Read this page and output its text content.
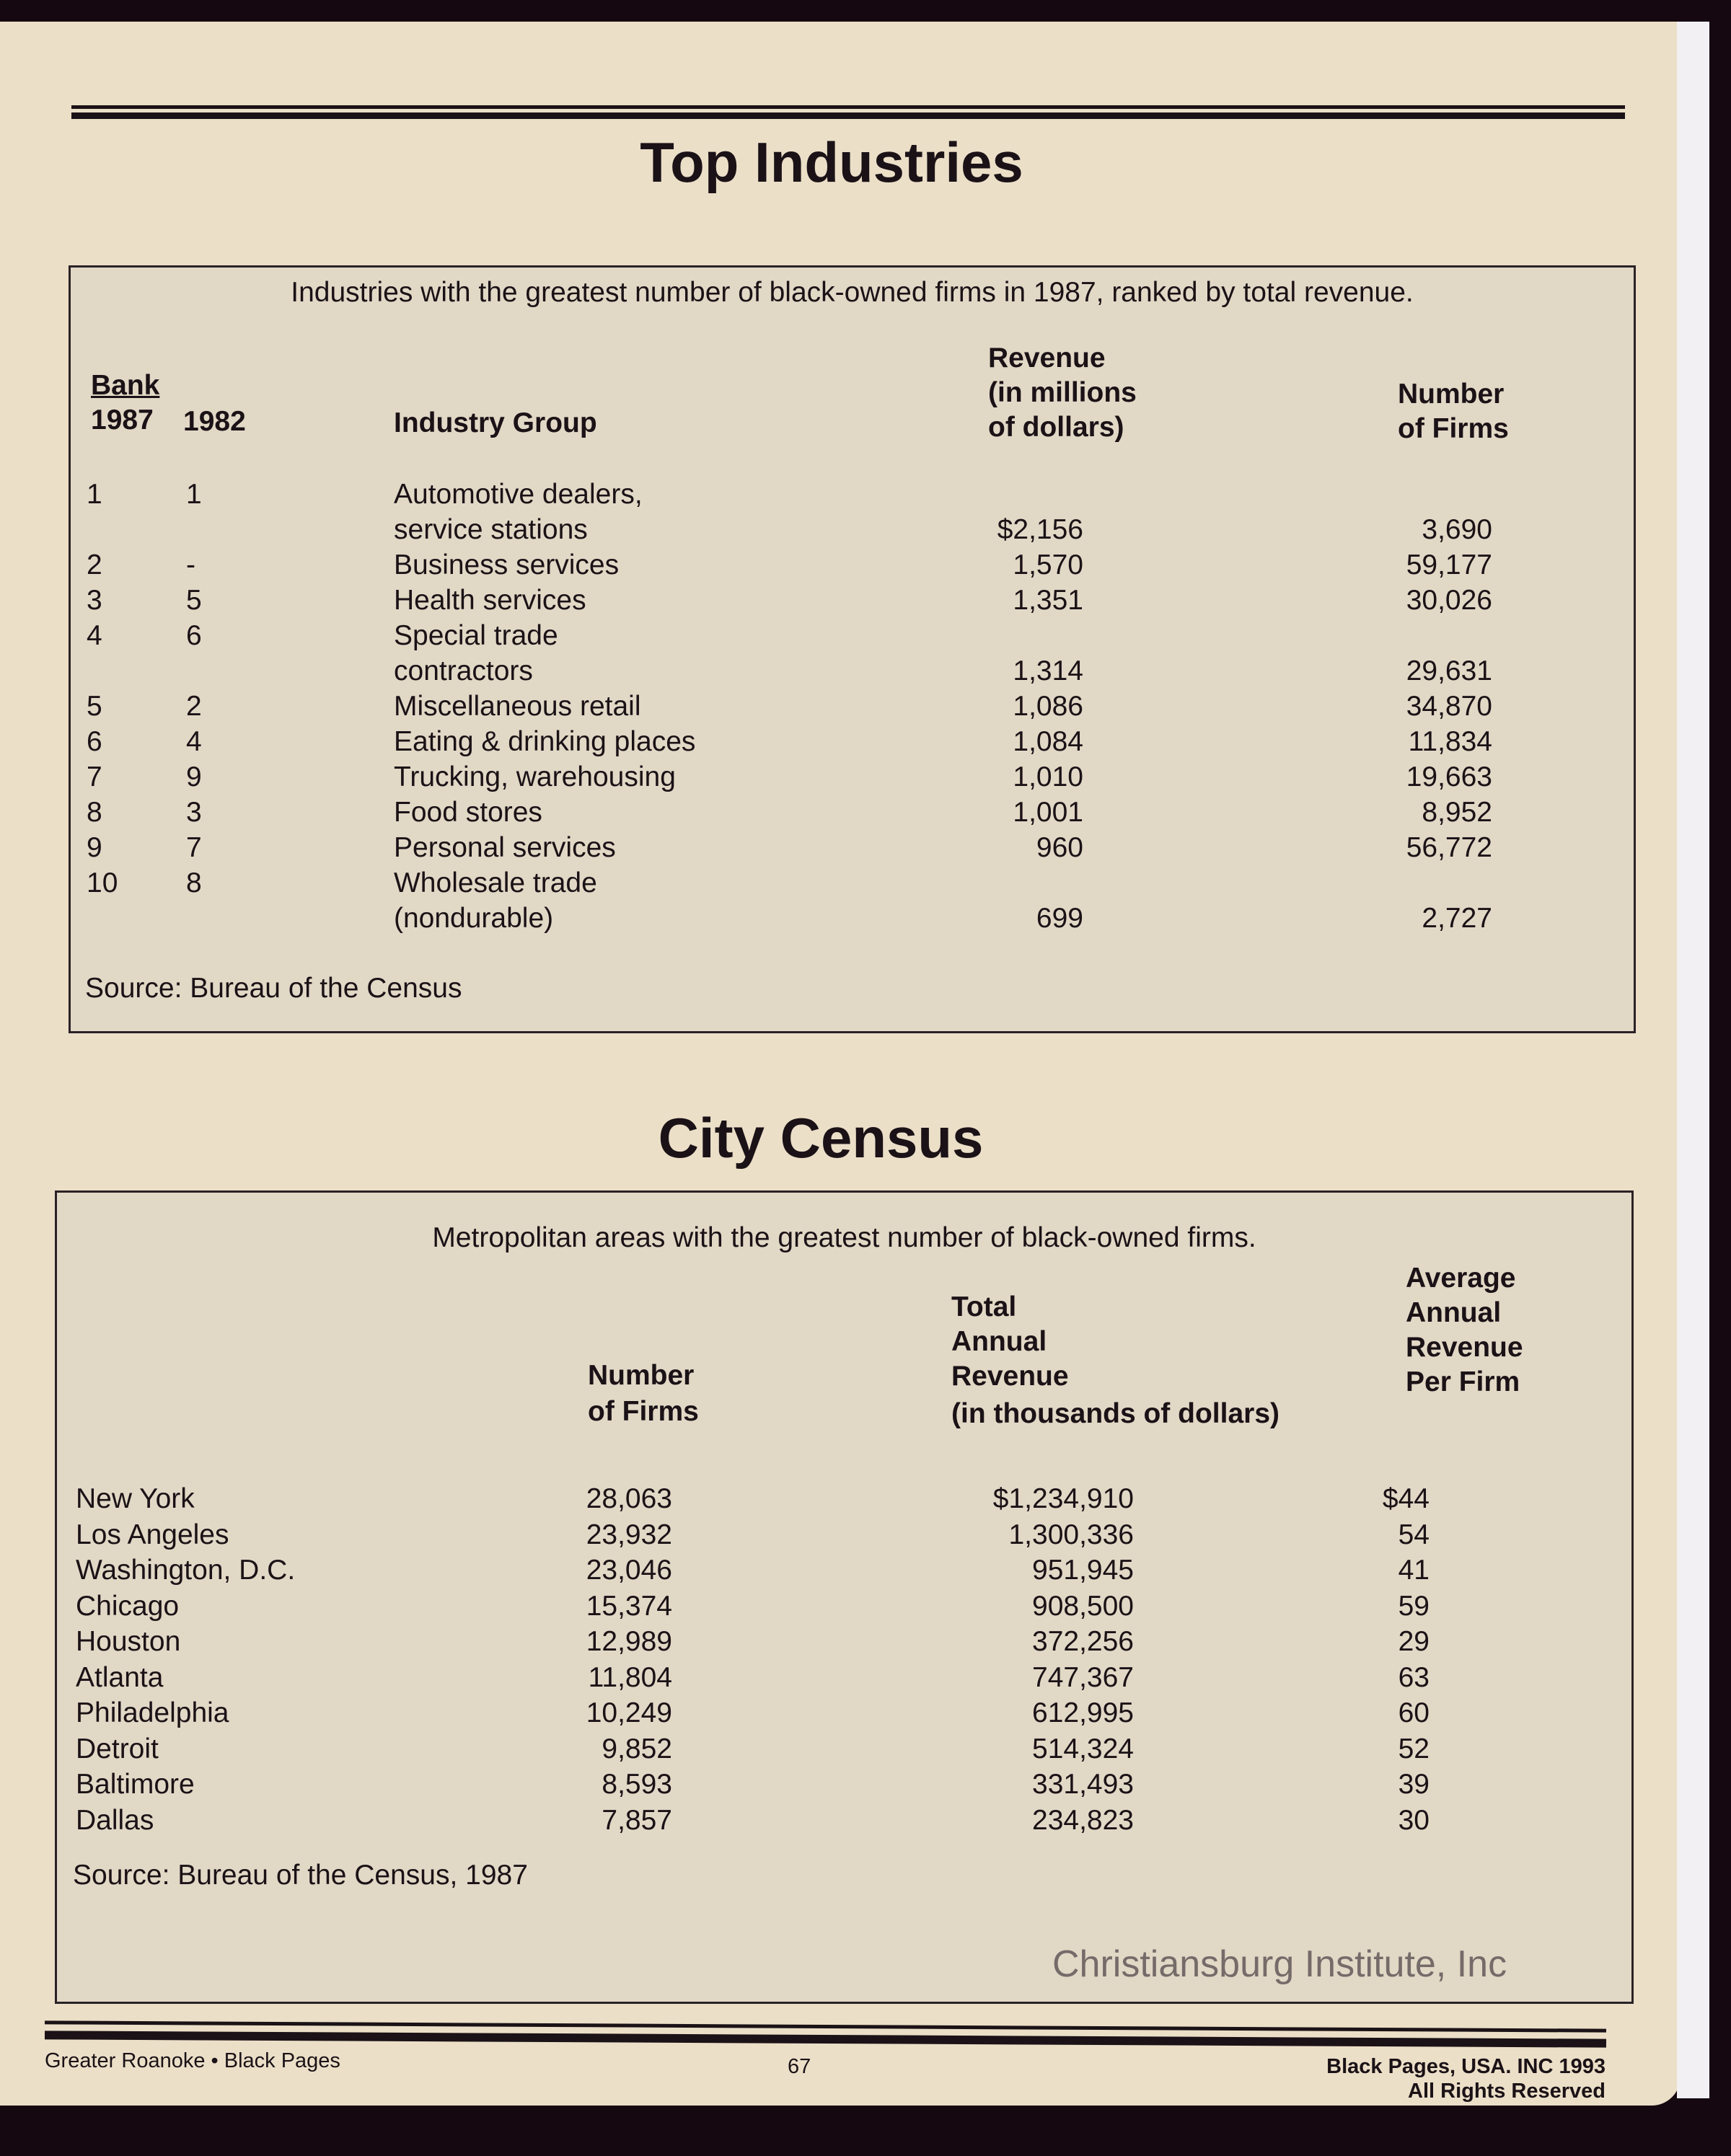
Top Industries
Industries with the greatest number of black-owned firms in 1987, ranked by total revenue.
Bank
1987 1982	Industry Group
Revenue
(in millions
of dollars)
Number
of Firms
1	1	Automotive dealers,
service stations	$2,156	3,690
2	-	Business services	1,570	59,177
3	5	Health services	1,351	30,026
4	6	Special trade
contractors	1,314	29,631
5	2	Miscellaneous retail	1,086	34,870
6	4	Eating & drinking places	1,084	11,834
7	9	Trucking, warehousing	1,010	19,663
8	3	Food stores	1,001	8,952
9	7	Personal services	960	56,772
10 8	Wholesale trade
(nondurable)	699	2,727
Source: Bureau of the Census
City Census
Metropolitan areas with the greatest number of black-owned firms.
Number
of Firms
Total
Annual
Revenue
(in thousands of dollars)
Average
Annual
Revenue
Per Firm
New York	28,063	$1,234,910	$44
Los Angeles	23,932	1,300,336	54
Washington, D.C.	23,046	951,945	41
Chicago	15,374	908,500	59
Houston	12,989	372,256	29
Atlanta	11,804	747,367	63
Philadelphia	10,249	612,995	60
Detroit	9,852	514,324	52
Baltimore	8,593	331,493	39
Dallas	7,857	234,823	30
Source: Bureau of the Census, 1987
Christiansburg Institute, Inc
Greater Roanoke • Black Pages	67	Black Pages, USA. INC 1993
All Rights Reserved
